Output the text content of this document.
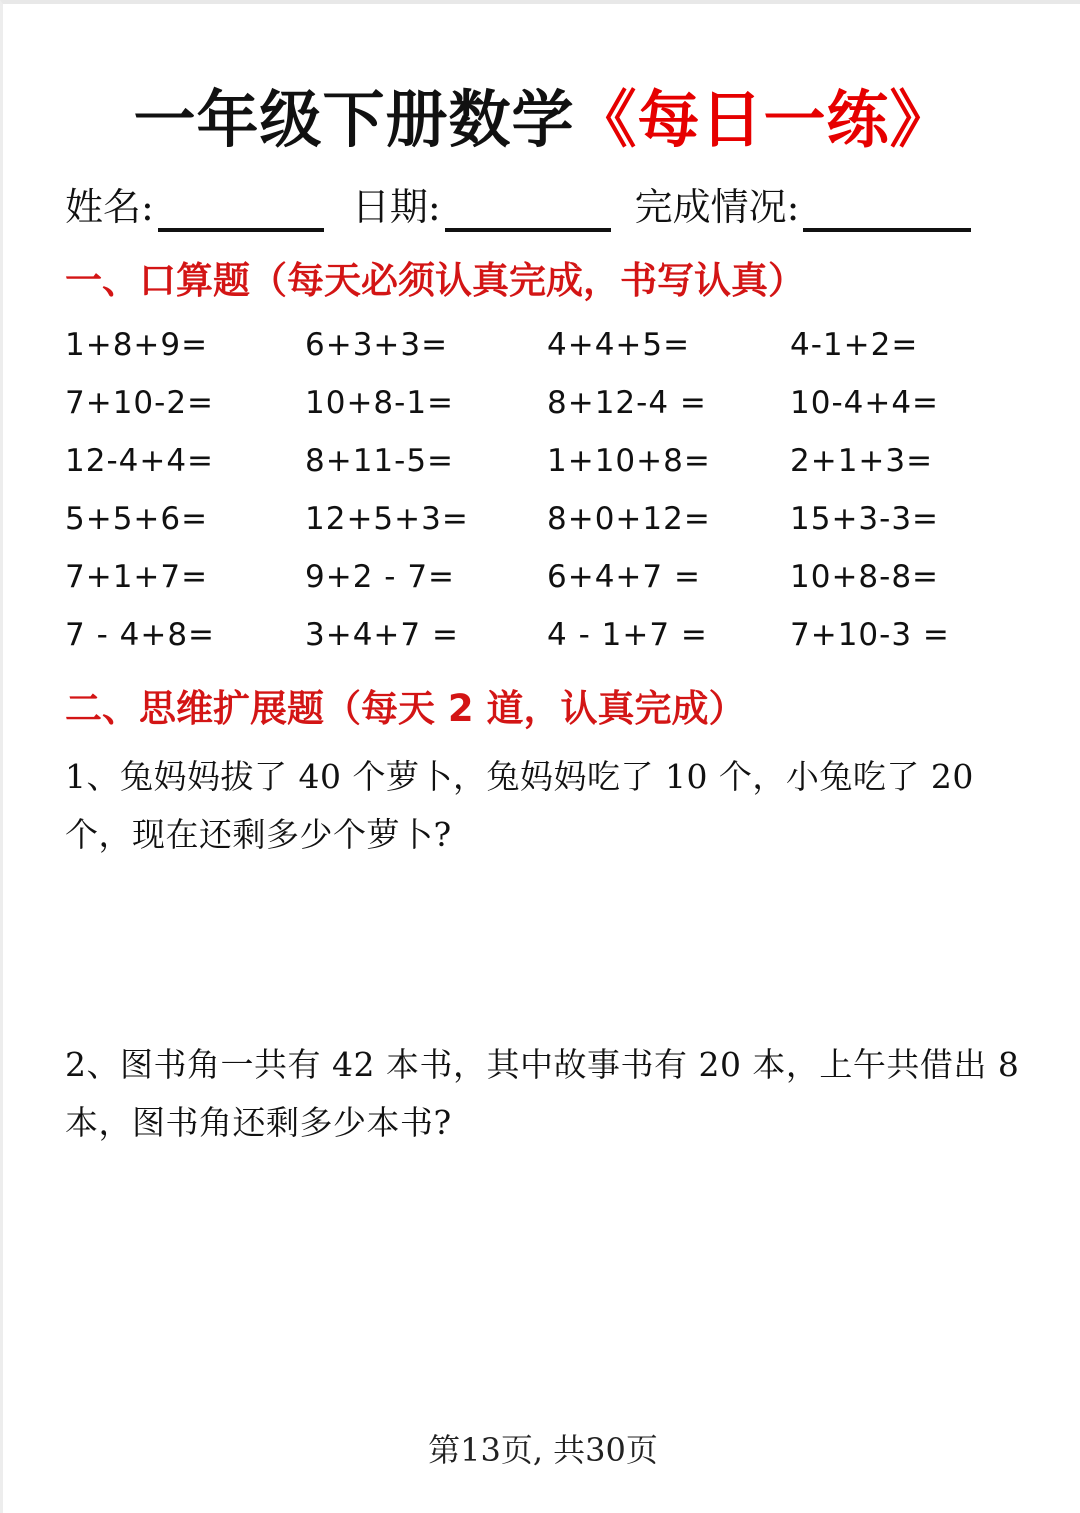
一年级下册数学《每日一练》
姓名:	日期:	完成情况:
一、口算题（每天必须认真完成，书写认真）
1+8+9=	6+3+3=	4+4+5=	4-1+2=
7+10-2=	10+8-1=	8+12-4 =	10-4+4=
12-4+4=	8+11-5=	1+10+8=	2+1+3=
5+5+6=	12+5+3=	8+0+12=	15+3-3=
7+1+7=	9+2 - 7=	6+4+7 =	10+8-8=
7 - 4+8=	3+4+7 =	4 - 1+7 =	7+10-3 =
二、思维扩展题（每天 2 道，认真完成）
1、兔妈妈拔了 40 个萝卜，兔妈妈吃了 10 个，小兔吃了 20 个，现在还剩多少个萝卜?
2、图书角一共有 42 本书，其中故事书有 20 本，上午共借出 8 本，图书角还剩多少本书?
第13页, 共30页
